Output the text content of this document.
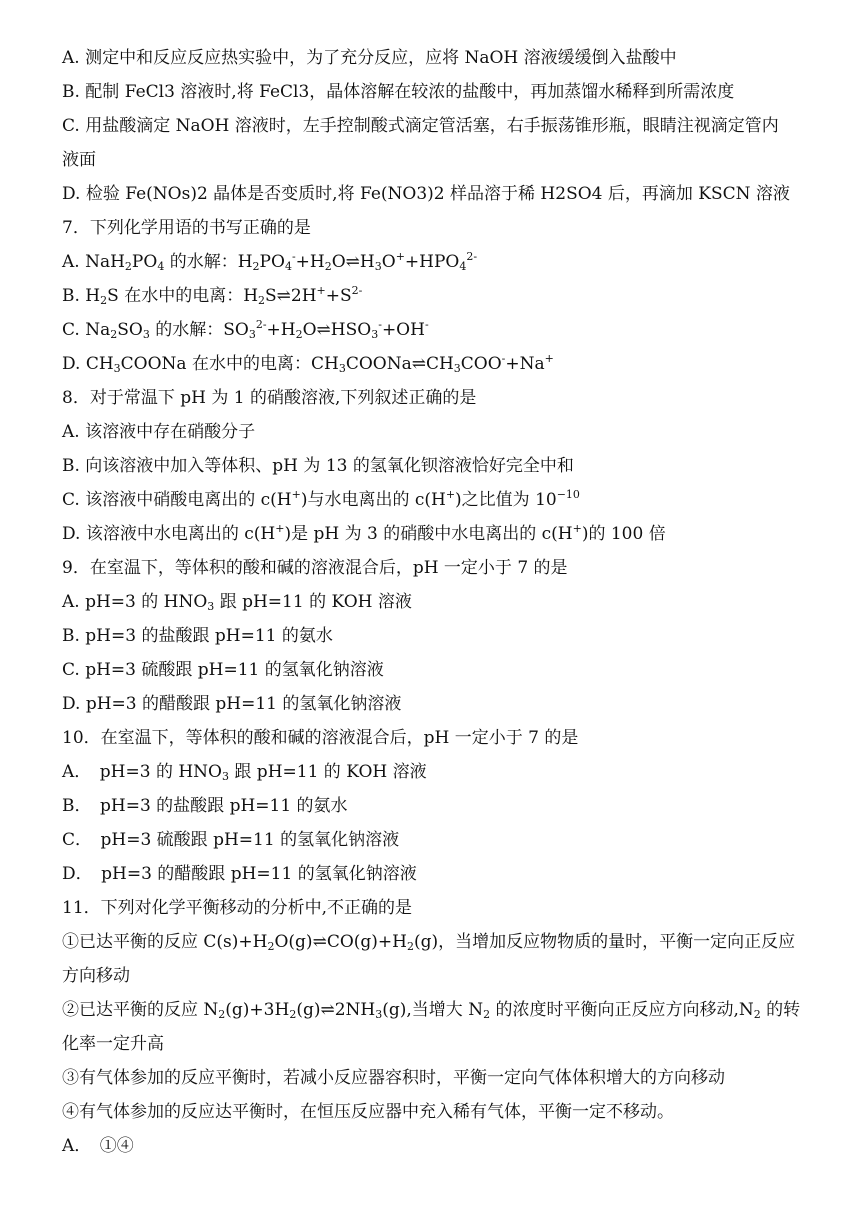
A. 测定中和反应反应热实验中，为了充分反应，应将 NaOH 溶液缓缓倒入盐酸中
B. 配制 FeCl3 溶液时,将 FeCl3，晶体溶解在较浓的盐酸中，再加蒸馏水稀释到所需浓度
C. 用盐酸滴定 NaOH 溶液时，左手控制酸式滴定管活塞，右手振荡锥形瓶，眼睛注视滴定管内
液面
D. 检验 Fe(NOs)2 晶体是否变质时,将 Fe(NO3)2 样品溶于稀 H2SO4 后，再滴加 KSCN 溶液
7．下列化学用语的书写正确的是
A. $NaH_2PO_4$ 的水解：$H_2PO_4^-+H_2O\rightleftharpoons H_3O^++HPO_4^{2-}$
B. $H_2S$ 在水中的电离：$H_2S\rightleftharpoons 2H^++S^{2-}$
C. $Na_2SO_3$ 的水解：$SO_3^{2-}+H_2O\rightleftharpoons HSO_3^-+OH^-$
D. $CH_3COONa$ 在水中的电离：$CH_3COONa\rightleftharpoons CH_3COO^-+Na^+$
8．对于常温下 pH 为 1 的硝酸溶液,下列叙述正确的是
A. 该溶液中存在硝酸分子
B. 向该溶液中加入等体积、pH 为 13 的氢氧化钡溶液恰好完全中和
C. 该溶液中硝酸电离出的 c(H+)与水电离出的 c(H+)之比值为 $10^{-10}$
D. 该溶液中水电离出的 c(H+)是 pH 为 3 的硝酸中水电离出的 c(H+)的 100 倍
9．在室温下，等体积的酸和碱的溶液混合后，pH 一定小于 7 的是
A. pH=3 的 $HNO_3$ 跟 pH=11 的 KOH 溶液
B. pH=3 的盐酸跟 pH=11 的氨水
C. pH=3 硫酸跟 pH=11 的氢氧化钠溶液
D. pH=3 的醋酸跟 pH=11 的氢氧化钠溶液
10．在室温下，等体积的酸和碱的溶液混合后，pH 一定小于 7 的是
A．　pH=3 的 $HNO_3$ 跟 pH=11 的 KOH 溶液
B．　pH=3 的盐酸跟 pH=11 的氨水
C．　pH=3 硫酸跟 pH=11 的氢氧化钠溶液
D．　pH=3 的醋酸跟 pH=11 的氢氧化钠溶液
11．下列对化学平衡移动的分析中,不正确的是
①已达平衡的反应 $C(s)+H_2O(g)\rightleftharpoons CO(g)+H_2(g)$，当增加反应物物质的量时，平衡一定向正反应
方向移动
②已达平衡的反应 $N_2(g)+3H_2(g)\rightleftharpoons 2NH_3(g)$,当增大 $N_2$ 的浓度时平衡向正反应方向移动$,N_2$ 的转
化率一定升高
③有气体参加的反应平衡时，若减小反应器容积时，平衡一定向气体体积增大的方向移动
④有气体参加的反应达平衡时，在恒压反应器中充入稀有气体，平衡一定不移动。
A．　①④
